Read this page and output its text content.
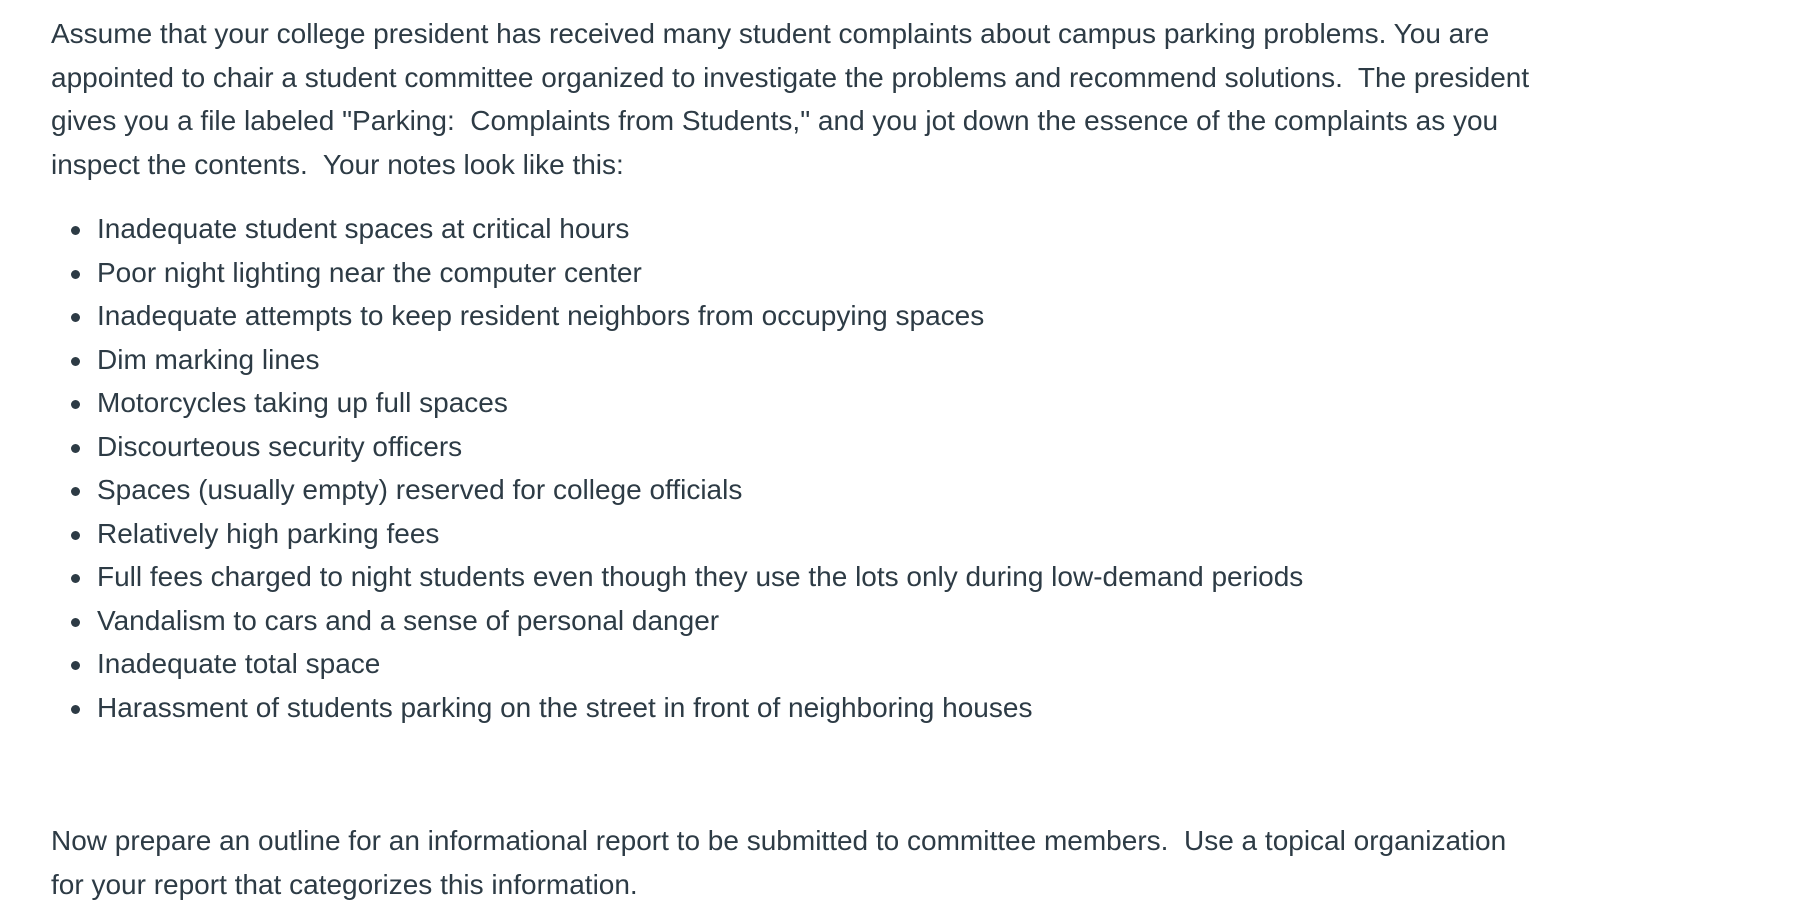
Assume that your college president has received many student complaints about campus parking problems. You are
appointed to chair a student committee organized to investigate the problems and recommend solutions.  The president
gives you a file labeled "Parking:  Complaints from Students," and you jot down the essence of the complaints as you
inspect the contents.  Your notes look like this:

Inadequate student spaces at critical hours
Poor night lighting near the computer center
Inadequate attempts to keep resident neighbors from occupying spaces
Dim marking lines
Motorcycles taking up full spaces
Discourteous security officers
Spaces (usually empty) reserved for college officials
Relatively high parking fees
Full fees charged to night students even though they use the lots only during low-demand periods
Vandalism to cars and a sense of personal danger
Inadequate total space
Harassment of students parking on the street in front of neighboring houses

Now prepare an outline for an informational report to be submitted to committee members.  Use a topical organization
for your report that categorizes this information.
